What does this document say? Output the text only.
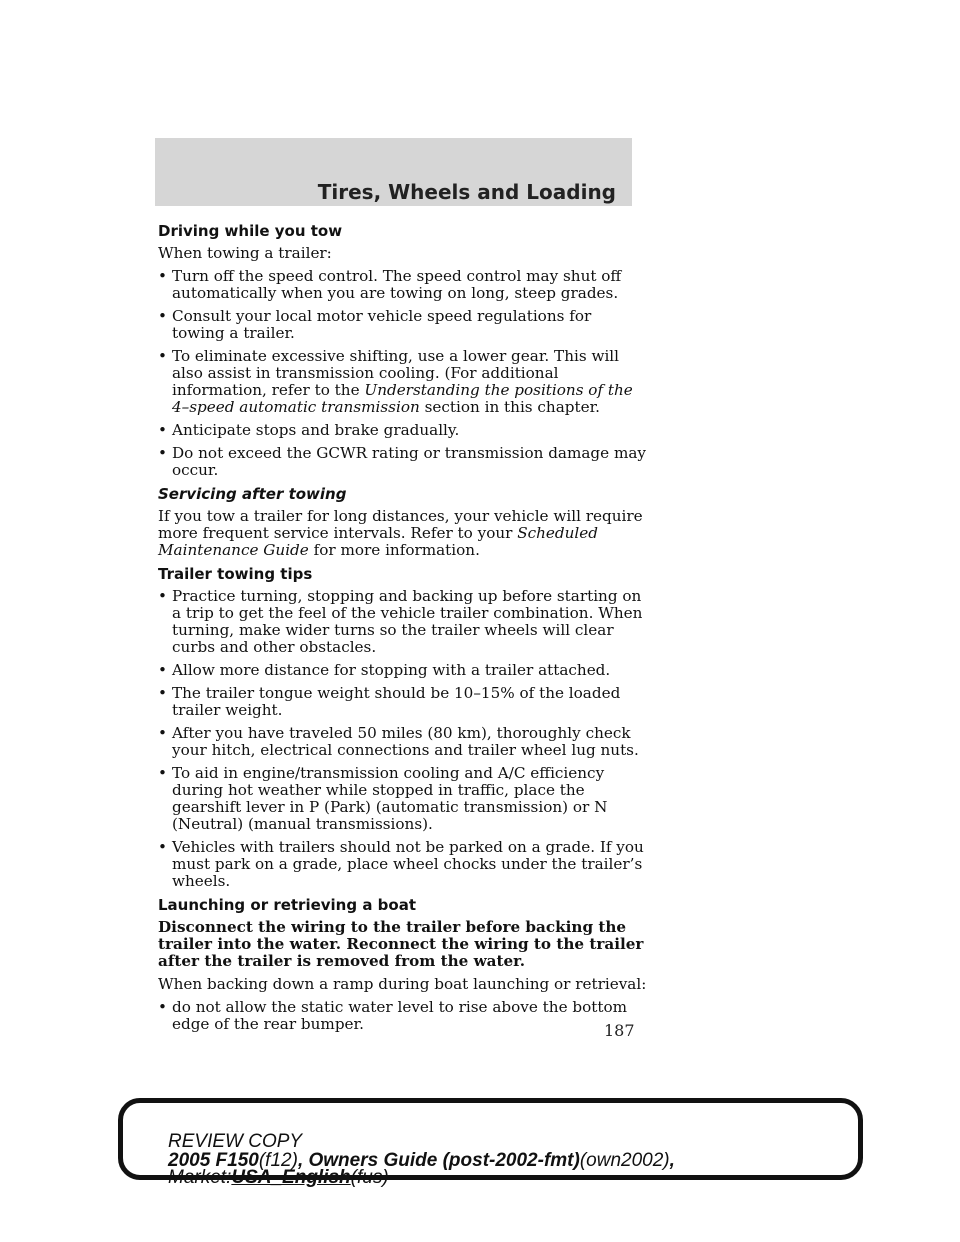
Tires, Wheels and Loading
Driving while you tow

When towing a trailer:

• Turn off the speed control. The speed control may shut off automatically when you are towing on long, steep grades.
• Consult your local motor vehicle speed regulations for towing a trailer.
• To eliminate excessive shifting, use a lower gear. This will also assist in transmission cooling. (For additional information, refer to the Understanding the positions of the 4–speed automatic transmission section in this chapter.
• Anticipate stops and brake gradually.
• Do not exceed the GCWR rating or transmission damage may occur.
Servicing after towing

If you tow a trailer for long distances, your vehicle will require more frequent service intervals. Refer to your Scheduled Maintenance Guide for more information.

Trailer towing tips
• Practice turning, stopping and backing up before starting on a trip to get the feel of the vehicle trailer combination. When turning, make wider turns so the trailer wheels will clear curbs and other obstacles.
• Allow more distance for stopping with a trailer attached.
• The trailer tongue weight should be 10–15% of the loaded trailer weight.
• After you have traveled 50 miles (80 km), thoroughly check your hitch, electrical connections and trailer wheel lug nuts.
• To aid in engine/transmission cooling and A/C efficiency during hot weather while stopped in traffic, place the gearshift lever in P (Park) (automatic transmission) or N (Neutral) (manual transmissions).
• Vehicles with trailers should not be parked on a grade. If you must park on a grade, place wheel chocks under the trailer’s wheels.
Launching or retrieving a boat

Disconnect the wiring to the trailer before backing the trailer into the water. Reconnect the wiring to the trailer after the trailer is removed from the water.

When backing down a ramp during boat launching or retrieval:

• do not allow the static water level to rise above the bottom edge of the rear bumper.	187
REVIEW COPY
2005 F150(f12), Owners Guide (post-2002-fmt)(own2002),
Market:USA_English(fus)
